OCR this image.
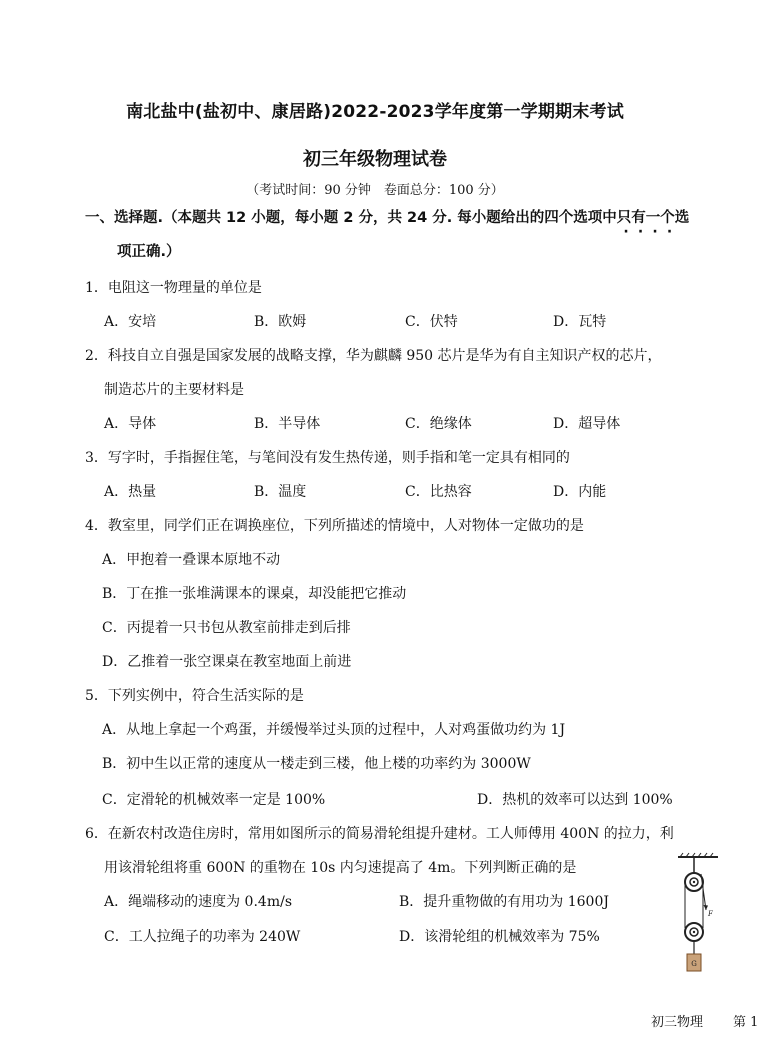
南北盐中(盐初中、康居路)2022-2023学年度第一学期期末考试
初三年级物理试卷
（考试时间：90 分钟　卷面总分：100 分）
一、选择题.（本题共 12 小题，每小题 2 分，共 24 分. 每小题给出的四个选项中只有一个选
项正确.）
1．电阻这一物理量的单位是
A．安培	B．欧姆	C．伏特	D．瓦特
2．科技自立自强是国家发展的战略支撑，华为麒麟 950 芯片是华为有自主知识产权的芯片，
制造芯片的主要材料是
A．导体	B．半导体	C．绝缘体	D．超导体
3．写字时，手指握住笔，与笔间没有发生热传递，则手指和笔一定具有相同的
A．热量	B．温度	C．比热容	D．内能
4．教室里，同学们正在调换座位，下列所描述的情境中，人对物体一定做功的是
A．甲抱着一叠课本原地不动
B．丁在推一张堆满课本的课桌，却没能把它推动
C．丙提着一只书包从教室前排走到后排
D．乙推着一张空课桌在教室地面上前进
5．下列实例中，符合生活实际的是
A．从地上拿起一个鸡蛋，并缓慢举过头顶的过程中，人对鸡蛋做功约为 1J
B．初中生以正常的速度从一楼走到三楼，他上楼的功率约为 3000W
C．定滑轮的机械效率一定是 100%	D．热机的效率可以达到 100%
6．在新农村改造住房时，常用如图所示的简易滑轮组提升建材。工人师傅用 400N 的拉力，利
用该滑轮组将重 600N 的重物在 10s 内匀速提高了 4m。下列判断正确的是
A．绳端移动的速度为 0.4m/s	B．提升重物做的有用功为 1600J
C．工人拉绳子的功率为 240W	D．该滑轮组的机械效率为 75%
F
G
初三物理 第 1
